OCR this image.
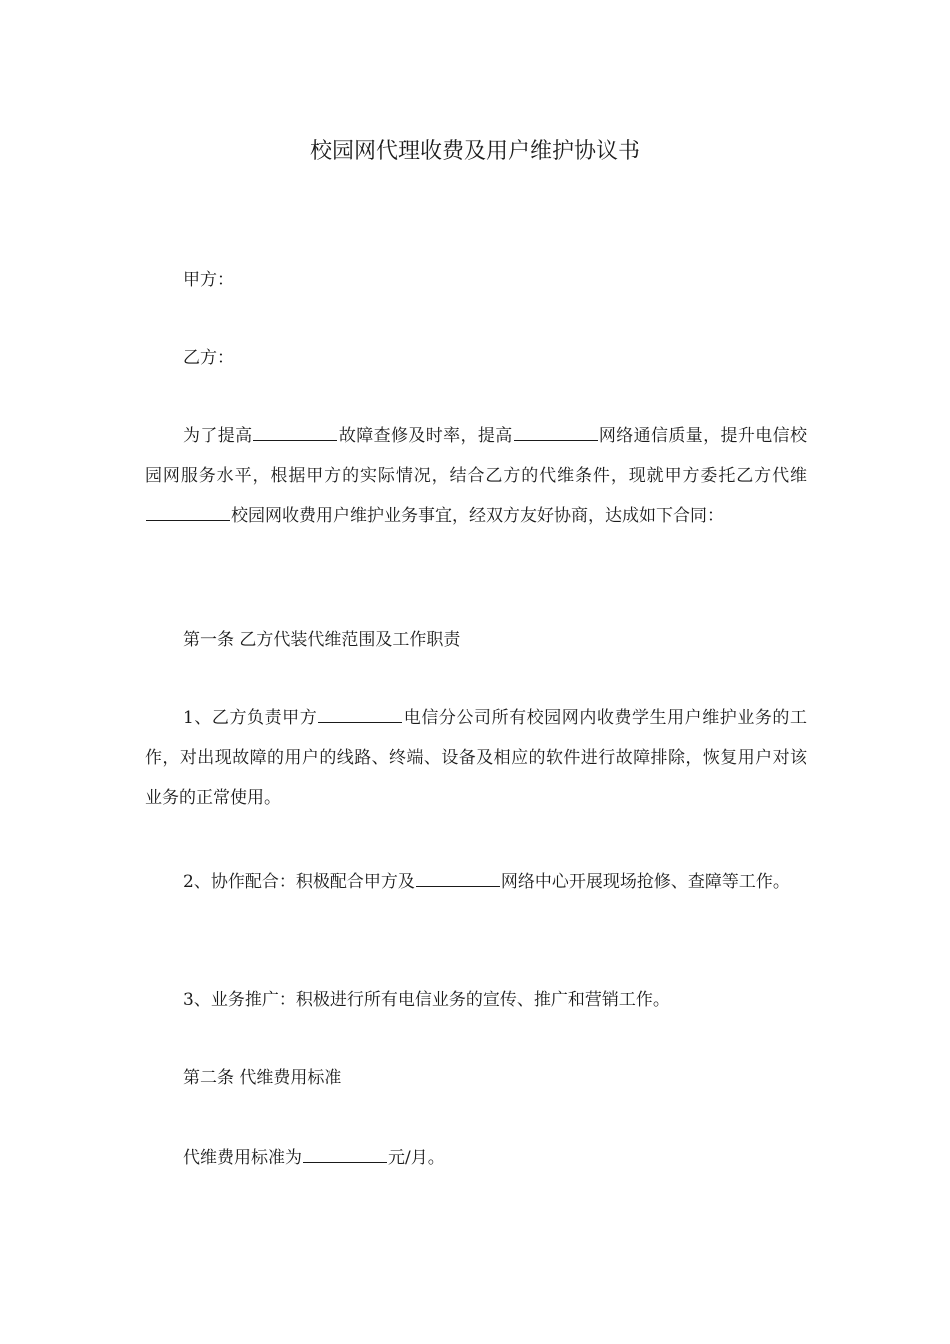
校园网代理收费及用户维护协议书
甲方：
乙方：
为了提高	故障查修及时率，提高	网络通信质量，提升电信校园网服务水平，根据甲方的实际情况，结合乙方的代维条件，现就甲方委托乙方代维校园网收费用户维护业务事宜，经双方友好协商，达成如下合同：
第一条 乙方代装代维范围及工作职责
1、乙方负责甲方	电信分公司所有校园网内收费学生用户维护业务的工作，对出现故障的用户的线路、终端、设备及相应的软件进行故障排除，恢复用户对该业务的正常使用。
2、协作配合：积极配合甲方及	网络中心开展现场抢修、查障等工作。
3、业务推广：积极进行所有电信业务的宣传、推广和营销工作。
第二条 代维费用标准
代维费用标准为	元/月。
